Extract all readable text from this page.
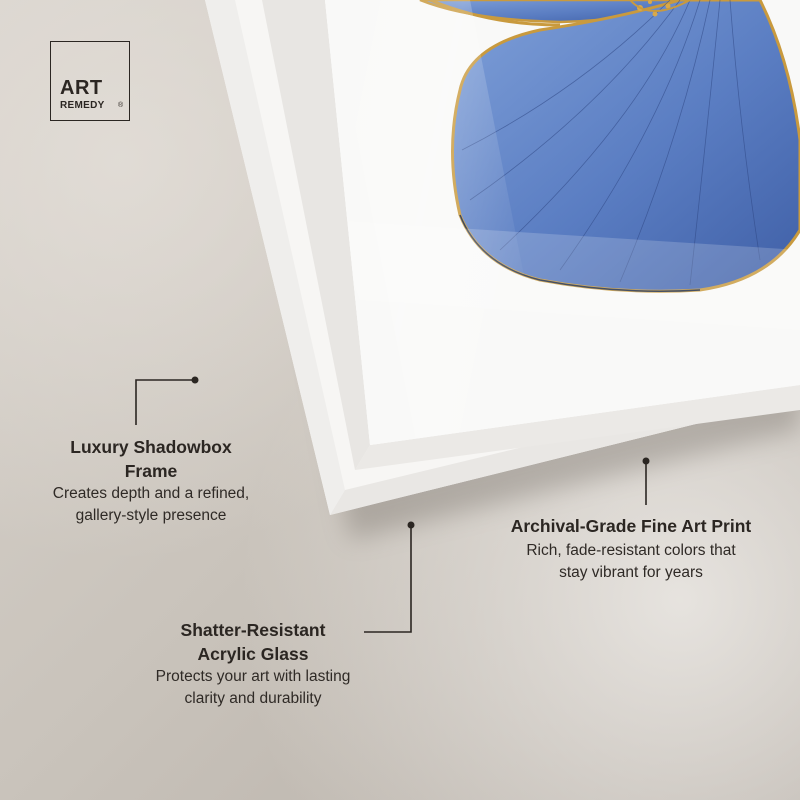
ART
REMEDY ®

Luxury Shadowbox

Frame

Creates depth and a refined,

gallery-style presence

Archival-Grade Fine Art Print

Rich, fade-resistant colors that

stay vibrant for years

Shatter-Resistant

Acrylic Glass

Protects your art with lasting

clarity and durability
